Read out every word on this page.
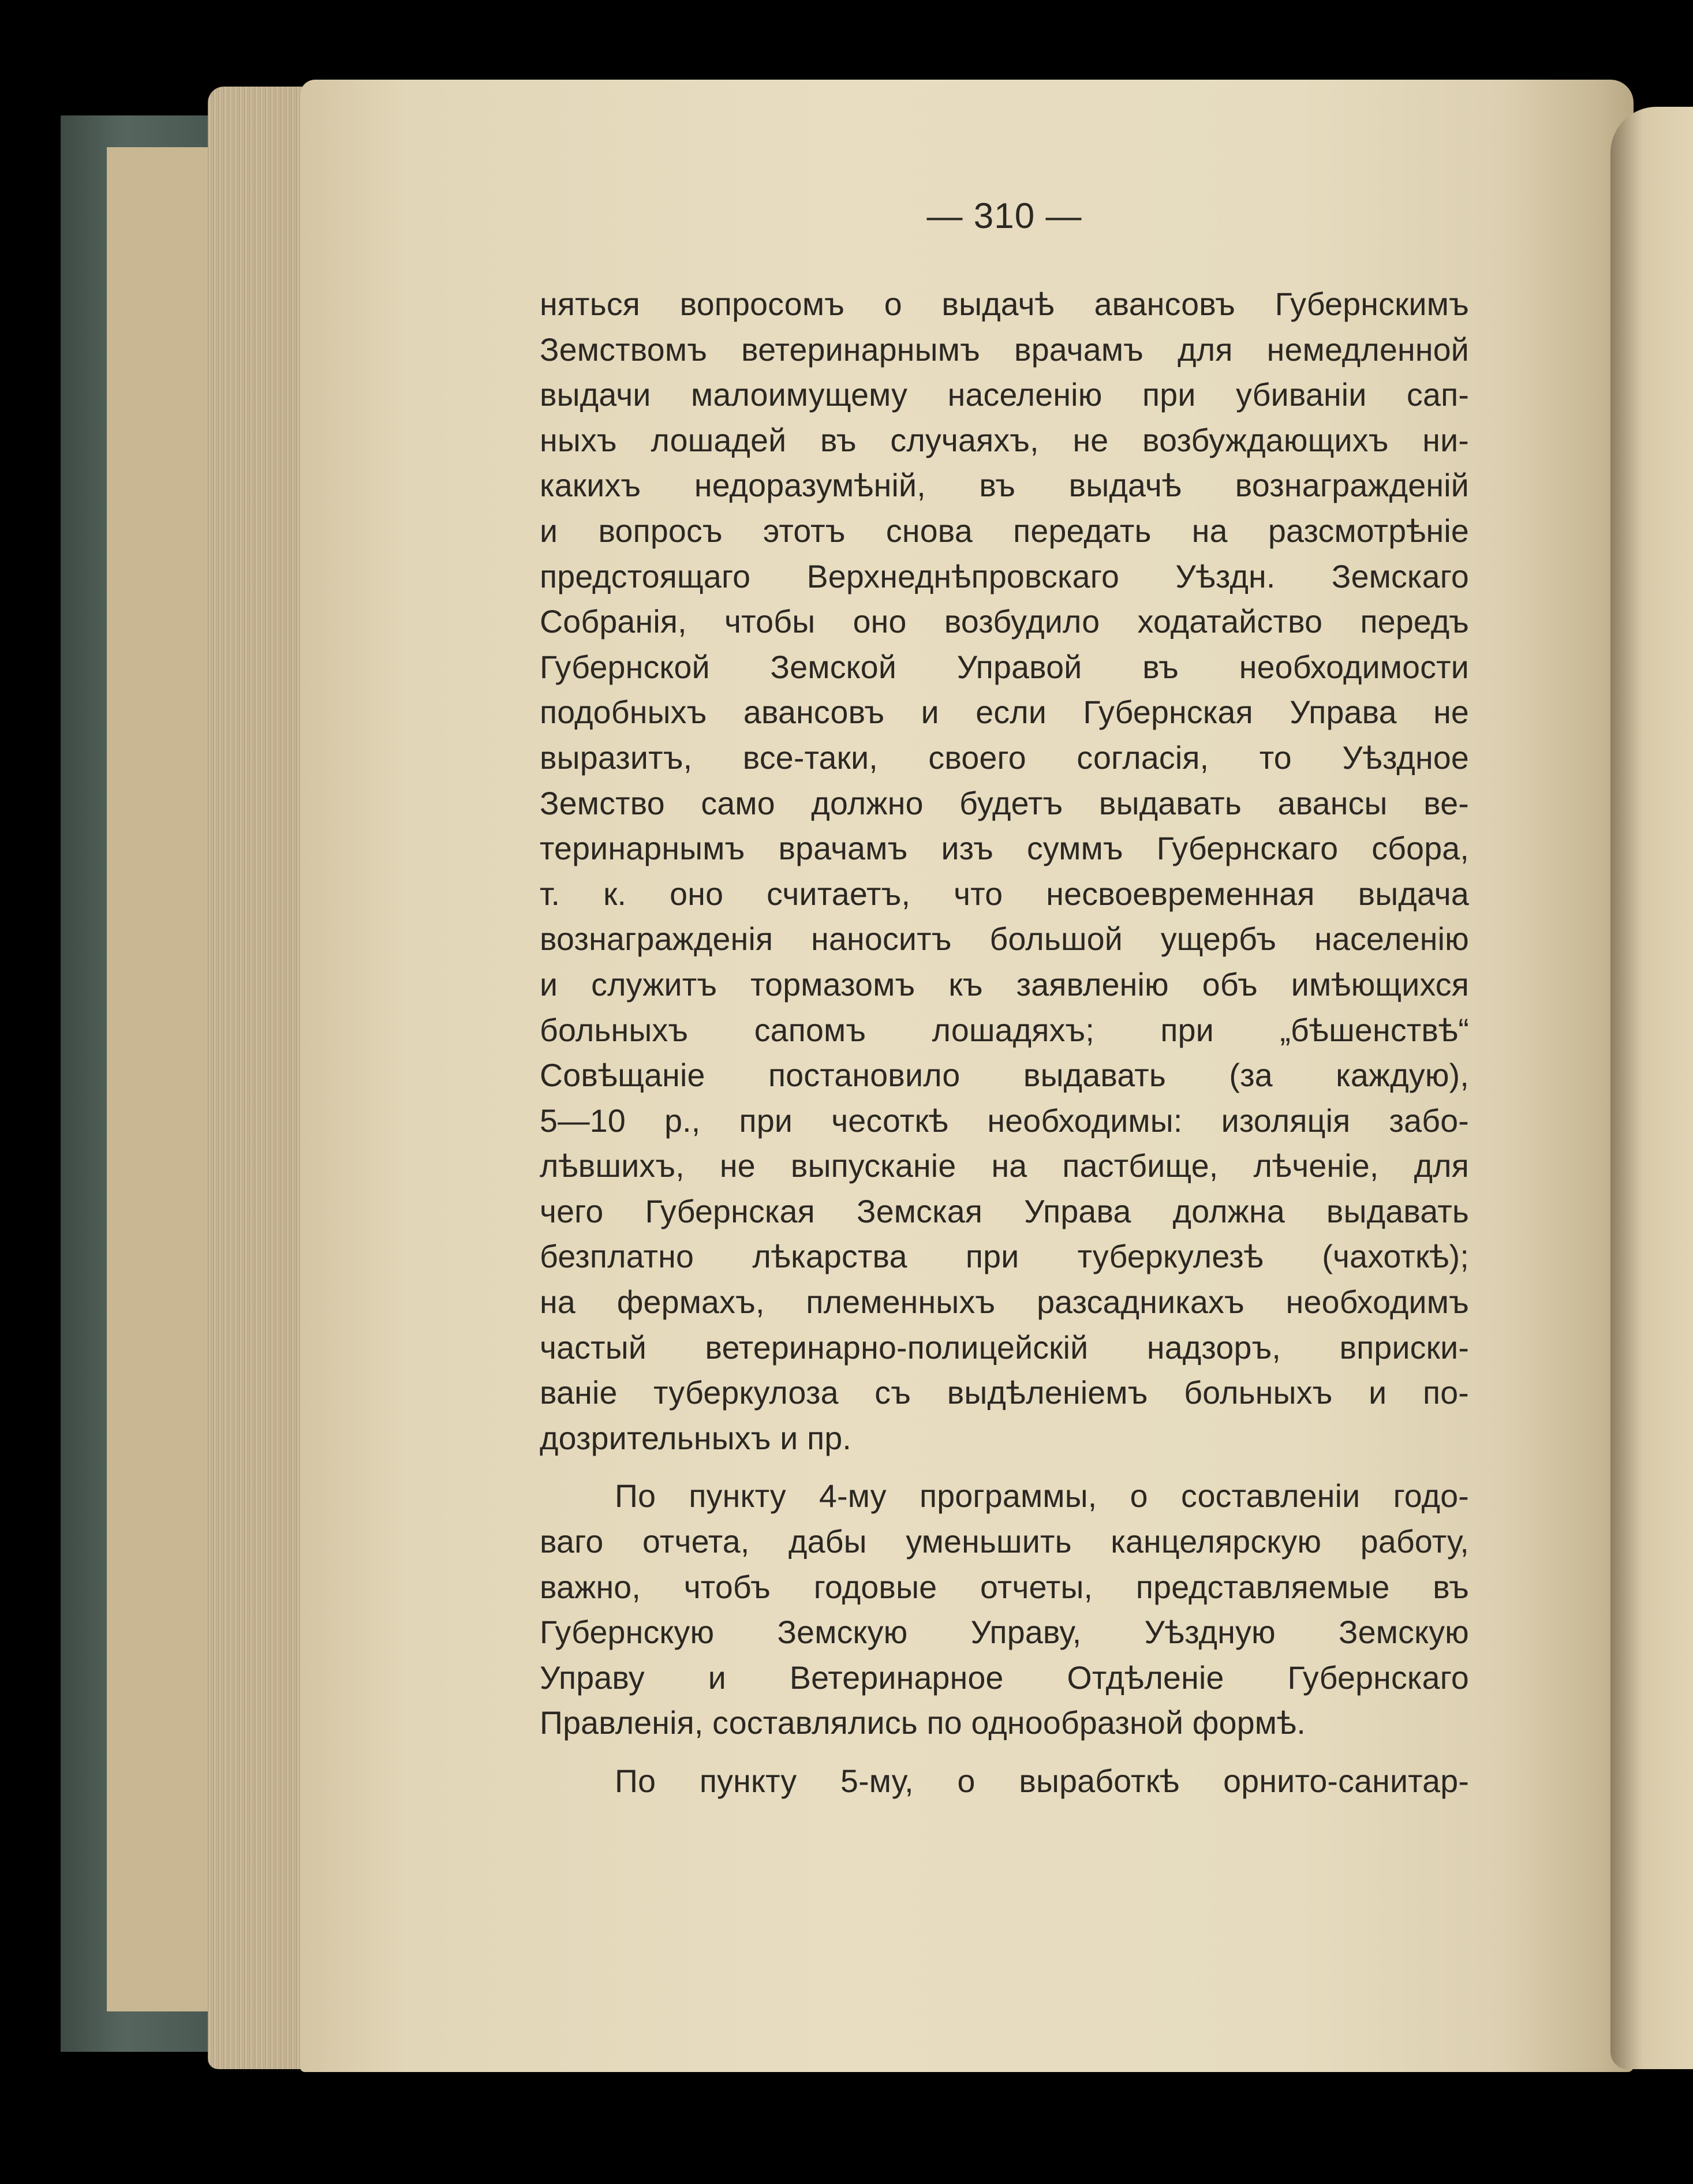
— 310 —

няться вопросомъ о выдачѣ авансовъ Губернскимъ
Земствомъ ветеринарнымъ врачамъ для немедленной
выдачи малоимущему населенію при убиваніи сап-
ныхъ лошадей въ случаяхъ, не возбуждающихъ ни-
какихъ недоразумѣній, въ выдачѣ вознагражденій
и вопросъ этотъ снова передать на разсмотрѣніе
предстоящаго Верхнеднѣпровскаго Уѣздн. Земскаго
Собранія, чтобы оно возбудило ходатайство передъ
Губернской Земской Управой въ необходимости
подобныхъ авансовъ и если Губернская Управа не
выразитъ, все-таки, своего согласія, то Уѣздное
Земство само должно будетъ выдавать авансы ве-
теринарнымъ врачамъ изъ суммъ Губернскаго сбора,
т. к. оно считаетъ, что несвоевременная выдача
вознагражденія наноситъ большой ущербъ населенію
и служитъ тормазомъ къ заявленію объ имѣющихся
больныхъ сапомъ лошадяхъ; при „бѣшенствѣ“
Совѣщаніе постановило выдавать (за каждую),
5—10 р., при чесоткѣ необходимы: изоляція забо-
лѣвшихъ, не выпусканіе на пастбище, лѣченіе, для
чего Губернская Земская Управа должна выдавать
безплатно лѣкарства при туберкулезѣ (чахоткѣ);
на фермахъ, племенныхъ разсадникахъ необходимъ
частый ветеринарно-полицейскій надзоръ, вприски-
ваніе туберкулоза съ выдѣленіемъ больныхъ и по-
дозрительныхъ и пр.

По пункту 4-му программы, о составленіи годо-
ваго отчета, дабы уменьшить канцелярскую работу,
важно, чтобъ годовые отчеты, представляемые въ
Губернскую Земскую Управу, Уѣздную Земскую
Управу и Ветеринарное Отдѣленіе Губернскаго
Правленія, составлялись по однообразной формѣ.

По пункту 5-му, о выработкѣ орнито-санитар-
